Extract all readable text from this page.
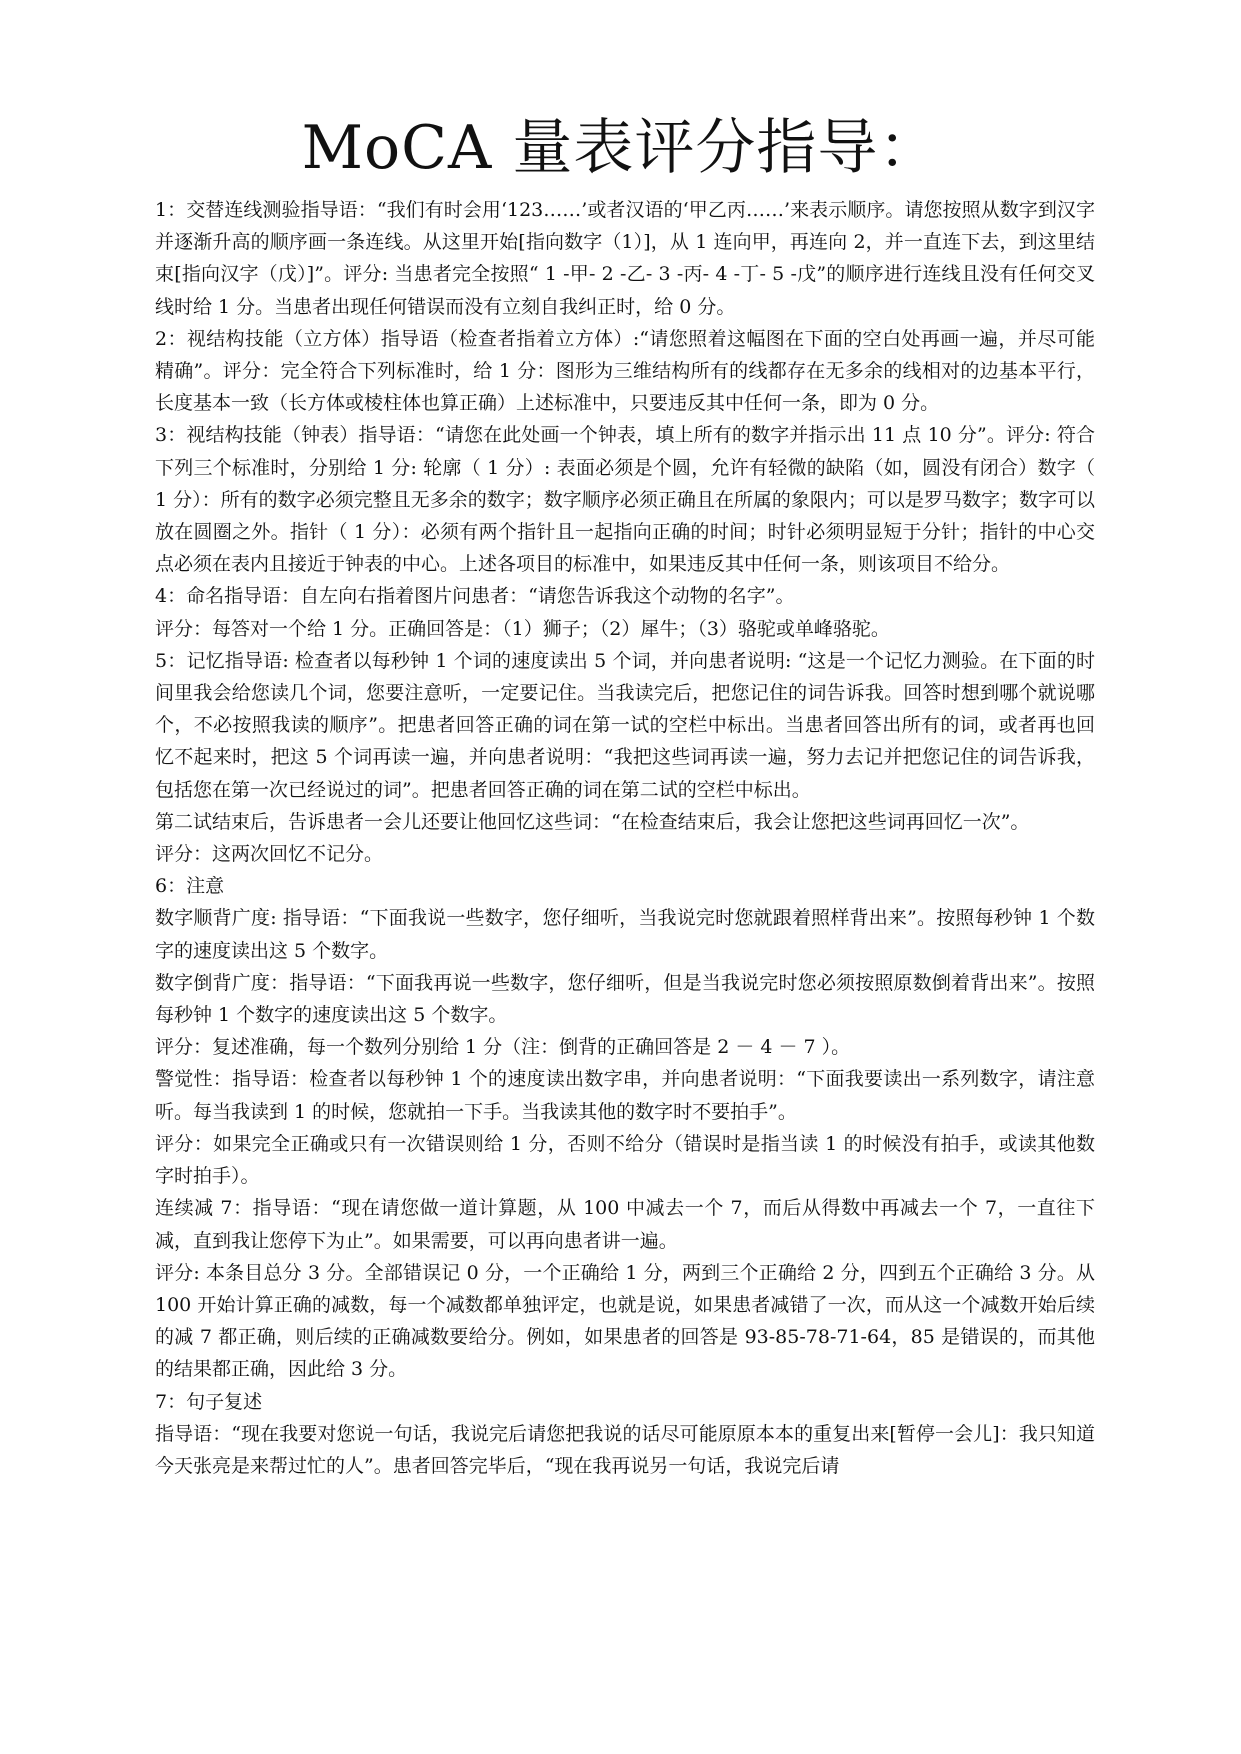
MoCA 量表评分指导：

1：交替连线测验指导语：“我们有时会用‘123……’或者汉语的‘甲乙丙……’来表示顺序。请您按照从数字到汉字并逐渐升高的顺序画一条连线。从这里开始[指向数字（1）]，从 1 连向甲，再连向 2，并一直连下去，到这里结束[指向汉字（戊）]”。评分: 当患者完全按照“ 1 -甲- 2 -乙- 3 -丙- 4 -丁- 5 -戊”的顺序进行连线且没有任何交叉线时给 1 分。当患者出现任何错误而没有立刻自我纠正时，给 0 分。

2：视结构技能（立方体）指导语（检查者指着立方体）:“请您照着这幅图在下面的空白处再画一遍，并尽可能精确”。评分：完全符合下列标准时，给 1 分：图形为三维结构所有的线都存在无多余的线相对的边基本平行，长度基本一致（长方体或棱柱体也算正确）上述标准中，只要违反其中任何一条，即为 0 分。

3：视结构技能（钟表）指导语：“请您在此处画一个钟表，填上所有的数字并指示出 11 点 10 分”。评分: 符合下列三个标准时，分别给 1 分: 轮廓（ 1 分）: 表面必须是个圆，允许有轻微的缺陷（如，圆没有闭合）数字（ 1 分）：所有的数字必须完整且无多余的数字；数字顺序必须正确且在所属的象限内；可以是罗马数字；数字可以放在圆圈之外。指针（ 1 分）：必须有两个指针且一起指向正确的时间；时针必须明显短于分针；指针的中心交点必须在表内且接近于钟表的中心。上述各项目的标准中，如果违反其中任何一条，则该项目不给分。

4：命名指导语：自左向右指着图片问患者：“请您告诉我这个动物的名字”。

评分：每答对一个给 1 分。正确回答是：（1）狮子；（2）犀牛；（3）骆驼或单峰骆驼。

5：记忆指导语: 检查者以每秒钟 1 个词的速度读出 5 个词，并向患者说明: “这是一个记忆力测验。在下面的时间里我会给您读几个词，您要注意听，一定要记住。当我读完后，把您记住的词告诉我。回答时想到哪个就说哪个，不必按照我读的顺序”。把患者回答正确的词在第一试的空栏中标出。当患者回答出所有的词，或者再也回忆不起来时，把这 5 个词再读一遍，并向患者说明：“我把这些词再读一遍，努力去记并把您记住的词告诉我，包括您在第一次已经说过的词”。把患者回答正确的词在第二试的空栏中标出。

第二试结束后，告诉患者一会儿还要让他回忆这些词：“在检查结束后，我会让您把这些词再回忆一次”。

评分：这两次回忆不记分。

6：注意

数字顺背广度: 指导语：“下面我说一些数字，您仔细听，当我说完时您就跟着照样背出来”。按照每秒钟 1 个数字的速度读出这 5 个数字。

数字倒背广度：指导语：“下面我再说一些数字，您仔细听，但是当我说完时您必须按照原数倒着背出来”。按照每秒钟 1 个数字的速度读出这 5 个数字。

评分：复述准确，每一个数列分别给 1 分（注：倒背的正确回答是 2 － 4 － 7 ）。

警觉性：指导语：检查者以每秒钟 1 个的速度读出数字串，并向患者说明：“下面我要读出一系列数字，请注意听。每当我读到 1 的时候，您就拍一下手。当我读其他的数字时不要拍手”。

评分：如果完全正确或只有一次错误则给 1 分，否则不给分（错误时是指当读 1 的时候没有拍手，或读其他数字时拍手）。

连续减 7：指导语：“现在请您做一道计算题，从 100 中减去一个 7，而后从得数中再减去一个 7，一直往下减，直到我让您停下为止”。如果需要，可以再向患者讲一遍。

评分: 本条目总分 3 分。全部错误记 0 分，一个正确给 1 分，两到三个正确给 2 分，四到五个正确给 3 分。从 100 开始计算正确的减数，每一个减数都单独评定，也就是说，如果患者减错了一次，而从这一个减数开始后续的减 7 都正确，则后续的正确减数要给分。例如，如果患者的回答是 93-85-78-71-64，85 是错误的，而其他的结果都正确，因此给 3 分。

7：句子复述

指导语：“现在我要对您说一句话，我说完后请您把我说的话尽可能原原本本的重复出来[暂停一会儿]：我只知道今天张亮是来帮过忙的人”。患者回答完毕后，“现在我再说另一句话，我说完后请
